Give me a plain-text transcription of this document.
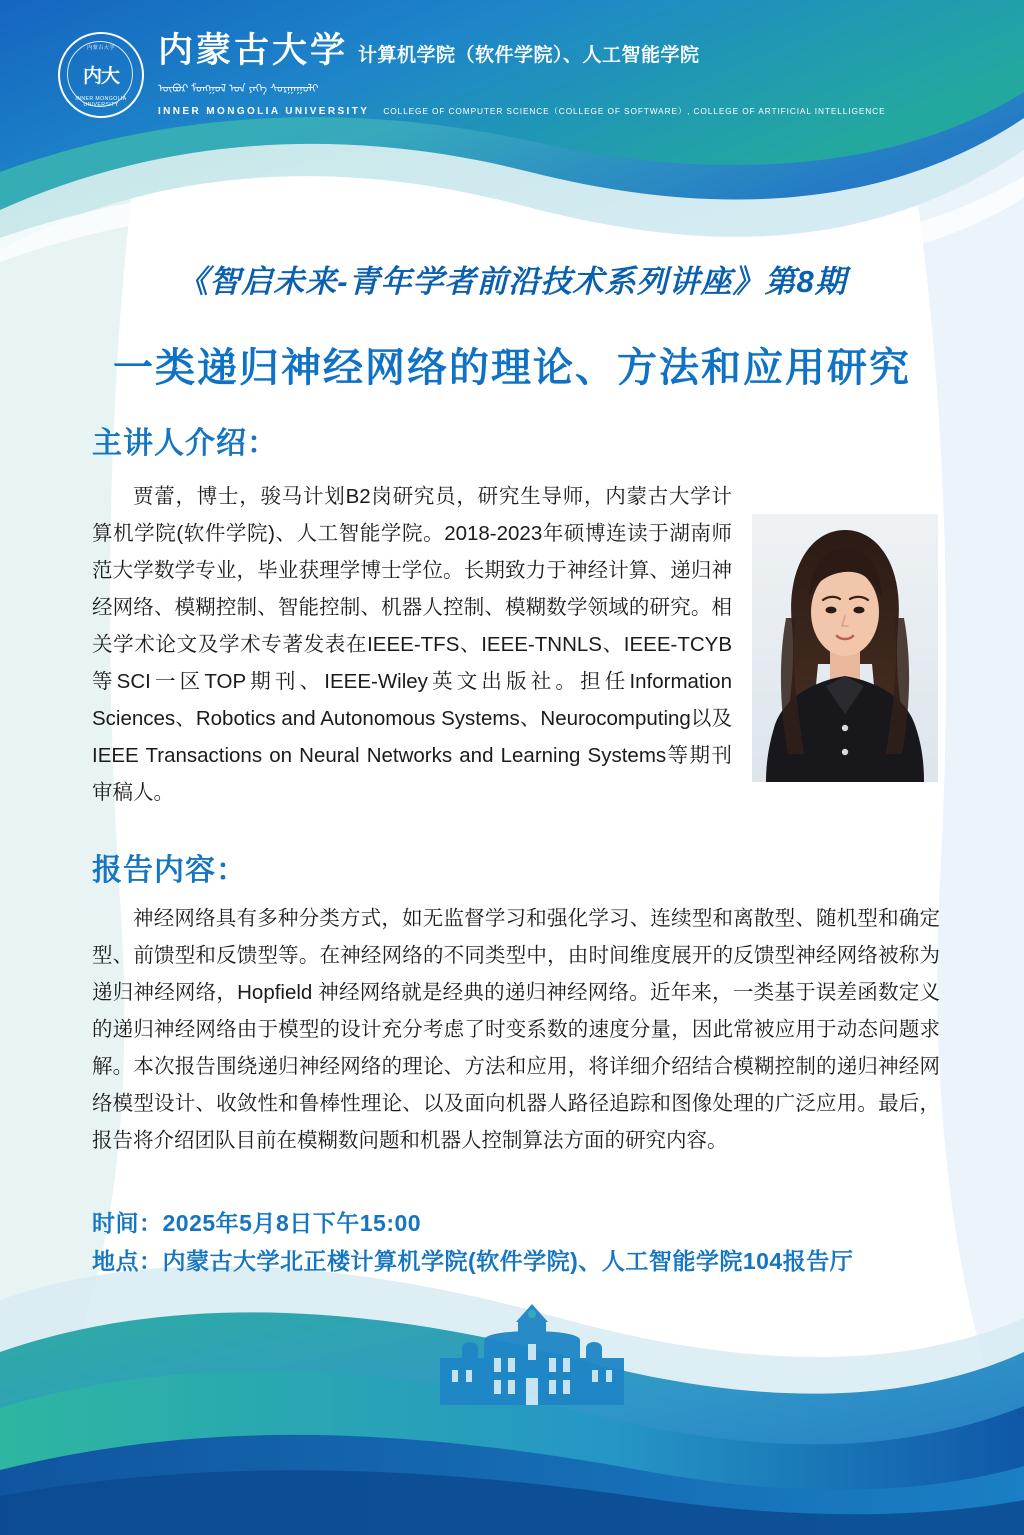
内蒙古大学
内大
INNER MONGOLIA UNIVERSITY
内蒙古大学 计算机学院（软件学院）、人工智能学院
ᠦᠪᠦᠷ ᠮᠤᠩᠭᠤᠯ ᠤᠨ ᠶᠡᠬᠡ ᠰᠤᠷᠭᠠᠭᠤᠯᠢ
INNER MONGOLIA UNIVERSITY COLLEGE OF COMPUTER SCIENCE（COLLEGE OF SOFTWARE）, COLLEGE OF ARTIFICIAL INTELLIGENCE
《智启未来-青年学者前沿技术系列讲座》第8期
一类递归神经网络的理论、方法和应用研究
主讲人介绍：
贾蕾，博士，骏马计划B2岗研究员，研究生导师，内蒙古大学计算机学院(软件学院)、人工智能学院。2018-2023年硕博连读于湖南师范大学数学专业，毕业获理学博士学位。长期致力于神经计算、递归神经网络、模糊控制、智能控制、机器人控制、模糊数学领域的研究。相关学术论文及学术专著发表在IEEE-TFS、IEEE-TNNLS、IEEE-TCYB等SCI一区TOP期刊、IEEE-Wiley英文出版社。担任Information Sciences、Robotics and Autonomous Systems、Neurocomputing以及IEEE Transactions on Neural Networks and Learning Systems等期刊审稿人。
报告内容：
神经网络具有多种分类方式，如无监督学习和强化学习、连续型和离散型、随机型和确定型、前馈型和反馈型等。在神经网络的不同类型中，由时间维度展开的反馈型神经网络被称为递归神经网络，Hopfield 神经网络就是经典的递归神经网络。近年来，一类基于误差函数定义的递归神经网络由于模型的设计充分考虑了时变系数的速度分量，因此常被应用于动态问题求解。本次报告围绕递归神经网络的理论、方法和应用，将详细介绍结合模糊控制的递归神经网络模型设计、收敛性和鲁棒性理论、以及面向机器人路径追踪和图像处理的广泛应用。最后，报告将介绍团队目前在模糊数问题和机器人控制算法方面的研究内容。
时间：2025年5月8日下午15:00
地点：内蒙古大学北正楼计算机学院(软件学院)、人工智能学院104报告厅
